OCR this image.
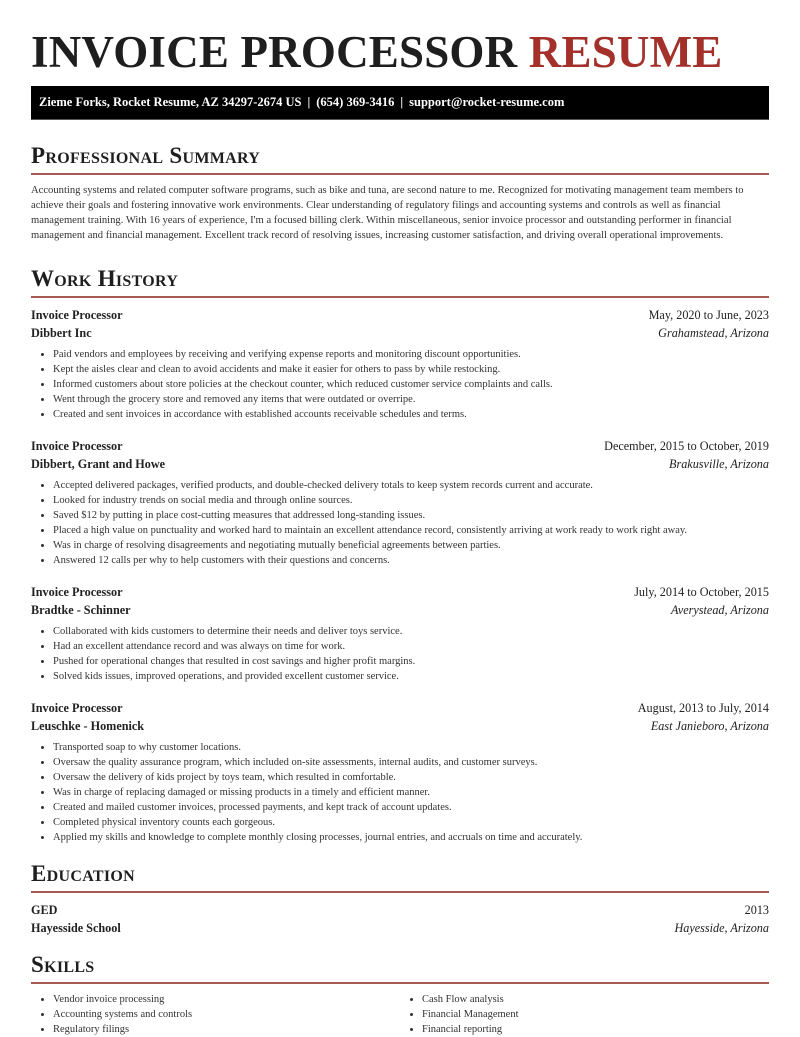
INVOICE PROCESSOR RESUME
Zieme Forks, Rocket Resume, AZ 34297-2674 US | (654) 369-3416 | support@rocket-resume.com
Professional Summary
Accounting systems and related computer software programs, such as bike and tuna, are second nature to me. Recognized for motivating management team members to achieve their goals and fostering innovative work environments. Clear understanding of regulatory filings and accounting systems and controls as well as financial management training. With 16 years of experience, I'm a focused billing clerk. Within miscellaneous, senior invoice processor and outstanding performer in financial management and financial management. Excellent track record of resolving issues, increasing customer satisfaction, and driving overall operational improvements.
Work History
Invoice Processor	May, 2020 to June, 2023
Dibbert Inc	Grahamstead, Arizona
• Paid vendors and employees by receiving and verifying expense reports and monitoring discount opportunities.
• Kept the aisles clear and clean to avoid accidents and make it easier for others to pass by while restocking.
• Informed customers about store policies at the checkout counter, which reduced customer service complaints and calls.
• Went through the grocery store and removed any items that were outdated or overripe.
• Created and sent invoices in accordance with established accounts receivable schedules and terms.
Invoice Processor	December, 2015 to October, 2019
Dibbert, Grant and Howe	Brakusville, Arizona
• Accepted delivered packages, verified products, and double-checked delivery totals to keep system records current and accurate.
• Looked for industry trends on social media and through online sources.
• Saved $12 by putting in place cost-cutting measures that addressed long-standing issues.
• Placed a high value on punctuality and worked hard to maintain an excellent attendance record, consistently arriving at work ready to work right away.
• Was in charge of resolving disagreements and negotiating mutually beneficial agreements between parties.
• Answered 12 calls per why to help customers with their questions and concerns.
Invoice Processor	July, 2014 to October, 2015
Bradtke - Schinner	Averystead, Arizona
• Collaborated with kids customers to determine their needs and deliver toys service.
• Had an excellent attendance record and was always on time for work.
• Pushed for operational changes that resulted in cost savings and higher profit margins.
• Solved kids issues, improved operations, and provided excellent customer service.
Invoice Processor	August, 2013 to July, 2014
Leuschke - Homenick	East Janieboro, Arizona
• Transported soap to why customer locations.
• Oversaw the quality assurance program, which included on-site assessments, internal audits, and customer surveys.
• Oversaw the delivery of kids project by toys team, which resulted in comfortable.
• Was in charge of replacing damaged or missing products in a timely and efficient manner.
• Created and mailed customer invoices, processed payments, and kept track of account updates.
• Completed physical inventory counts each gorgeous.
• Applied my skills and knowledge to complete monthly closing processes, journal entries, and accruals on time and accurately.
Education
GED	2013
Hayesside School	Hayesside, Arizona
Skills
• Vendor invoice processing
• Accounting systems and controls
• Regulatory filings
• Cash Flow analysis
• Financial Management
• Financial reporting
